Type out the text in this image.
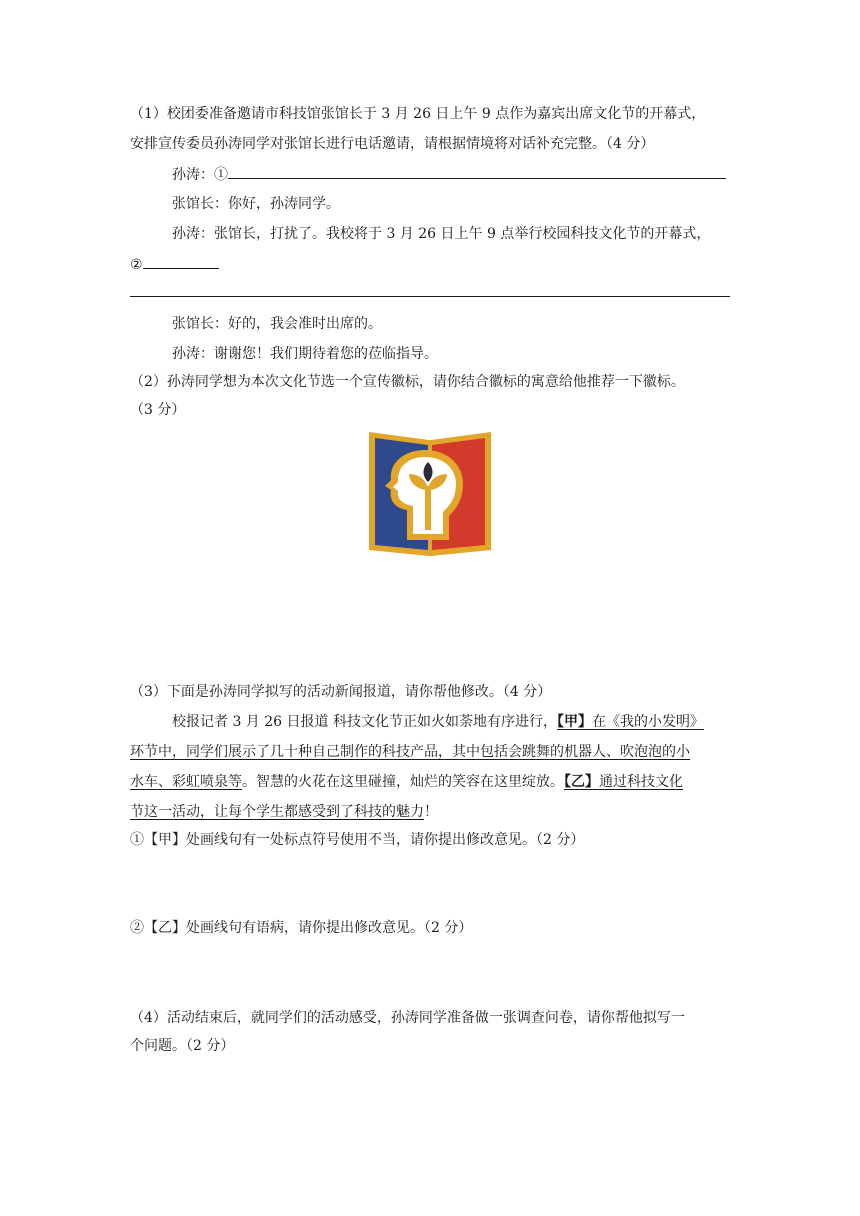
（1）校团委准备邀请市科技馆张馆长于 3 月 26 日上午 9 点作为嘉宾出席文化节的开幕式，
安排宣传委员孙涛同学对张馆长进行电话邀请，请根据情境将对话补充完整。（4 分）
孙涛：①
张馆长：你好，孙涛同学。
孙涛：张馆长，打扰了。我校将于 3 月 26 日上午 9 点举行校园科技文化节的开幕式，
②
张馆长：好的，我会准时出席的。
孙涛：谢谢您！我们期待着您的莅临指导。
（2）孙涛同学想为本次文化节选一个宣传徽标，请你结合徽标的寓意给他推荐一下徽标。
（3 分）
（3）下面是孙涛同学拟写的活动新闻报道，请你帮他修改。（4 分）
校报记者 3 月 26 日报道 科技文化节正如火如荼地有序进行，【甲】在《我的小发明》
环节中，同学们展示了几十种自己制作的科技产品，其中包括会跳舞的机器人、吹泡泡的小
水车、彩虹喷泉等。智慧的火花在这里碰撞，灿烂的笑容在这里绽放。【乙】通过科技文化
节这一活动，让每个学生都感受到了科技的魅力！
①【甲】处画线句有一处标点符号使用不当，请你提出修改意见。（2 分）
②【乙】处画线句有语病，请你提出修改意见。（2 分）
（4）活动结束后，就同学们的活动感受，孙涛同学准备做一张调查问卷，请你帮他拟写一
个问题。（2 分）
